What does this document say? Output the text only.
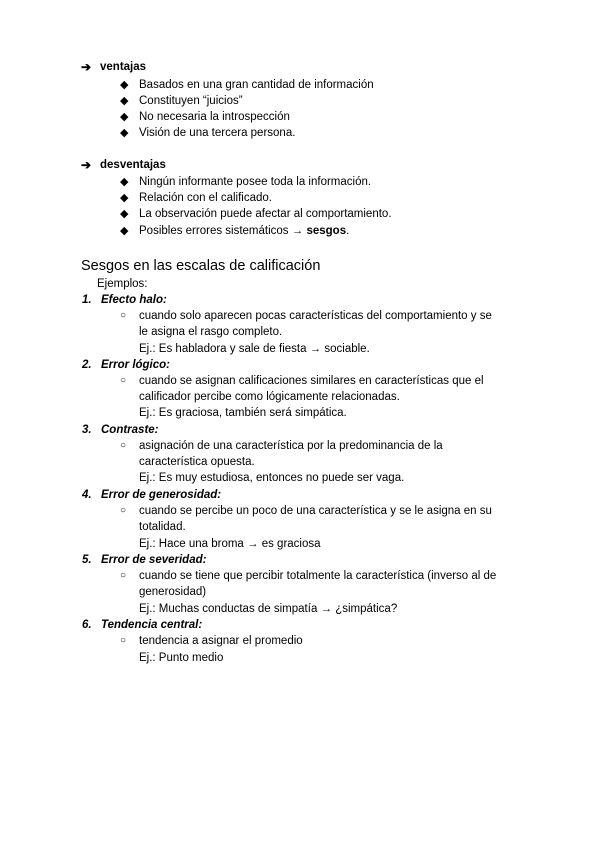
➔ ventajas
◆ Basados en una gran cantidad de información
◆ Constituyen “juicios”
◆ No necesaria la introspección
◆ Visión de una tercera persona.
➔ desventajas
◆ Ningún informante posee toda la información.
◆ Relación con el calificado.
◆ La observación puede afectar al comportamiento.
◆ Posibles errores sistemáticos → sesgos.
Sesgos en las escalas de calificación
Ejemplos:
1. Efecto halo:
○ cuando solo aparecen pocas características del comportamiento y se
le asigna el rasgo completo.
Ej.: Es habladora y sale de fiesta → sociable.
2. Error lógico:
○ cuando se asignan calificaciones similares en características que el
calificador percibe como lógicamente relacionadas.
Ej.: Es graciosa, también será simpática.
3. Contraste:
○ asignación de una característica por la predominancia de la
característica opuesta.
Ej.: Es muy estudiosa, entonces no puede ser vaga.
4. Error de generosidad:
○ cuando se percibe un poco de una característica y se le asigna en su
totalidad.
Ej.: Hace una broma → es graciosa
5. Error de severidad:
○ cuando se tiene que percibir totalmente la característica (inverso al de
generosidad)
Ej.: Muchas conductas de simpatía → ¿simpática?
6. Tendencia central:
○ tendencia a asignar el promedio
Ej.: Punto medio
